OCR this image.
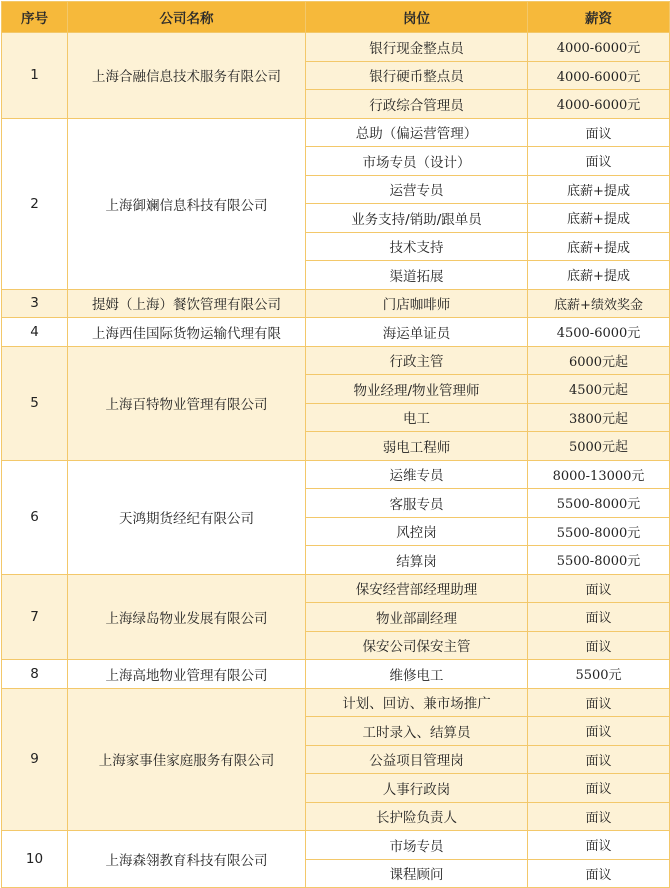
序号	公司名称	岗位	薪资
1	上海合融信息技术服务有限公司	银行现金整点员	4000-6000元
		银行硬币整点员	4000-6000元
		行政综合管理员	4000-6000元
2	上海御斓信息科技有限公司	总助（偏运营管理）	面议
		市场专员（设计）	面议
		运营专员	底薪+提成
		业务支持/销助/跟单员	底薪+提成
		技术支持	底薪+提成
		渠道拓展	底薪+提成
3	提姆（上海）餐饮管理有限公司	门店咖啡师	底薪+绩效奖金
4	上海西佳国际货物运输代理有限	海运单证员	4500-6000元
5	上海百特物业管理有限公司	行政主管	6000元起
		物业经理/物业管理师	4500元起
		电工	3800元起
		弱电工程师	5000元起
6	天鸿期货经纪有限公司	运维专员	8000-13000元
		客服专员	5500-8000元
		风控岗	5500-8000元
		结算岗	5500-8000元
7	上海绿岛物业发展有限公司	保安经营部经理助理	面议
		物业部副经理	面议
		保安公司保安主管	面议
8	上海高地物业管理有限公司	维修电工	5500元
9	上海家事佳家庭服务有限公司	计划、回访、兼市场推广	面议
		工时录入、结算员	面议
		公益项目管理岗	面议
		人事行政岗	面议
		长护险负责人	面议
10	上海森翎教育科技有限公司	市场专员	面议
		课程顾问	面议
